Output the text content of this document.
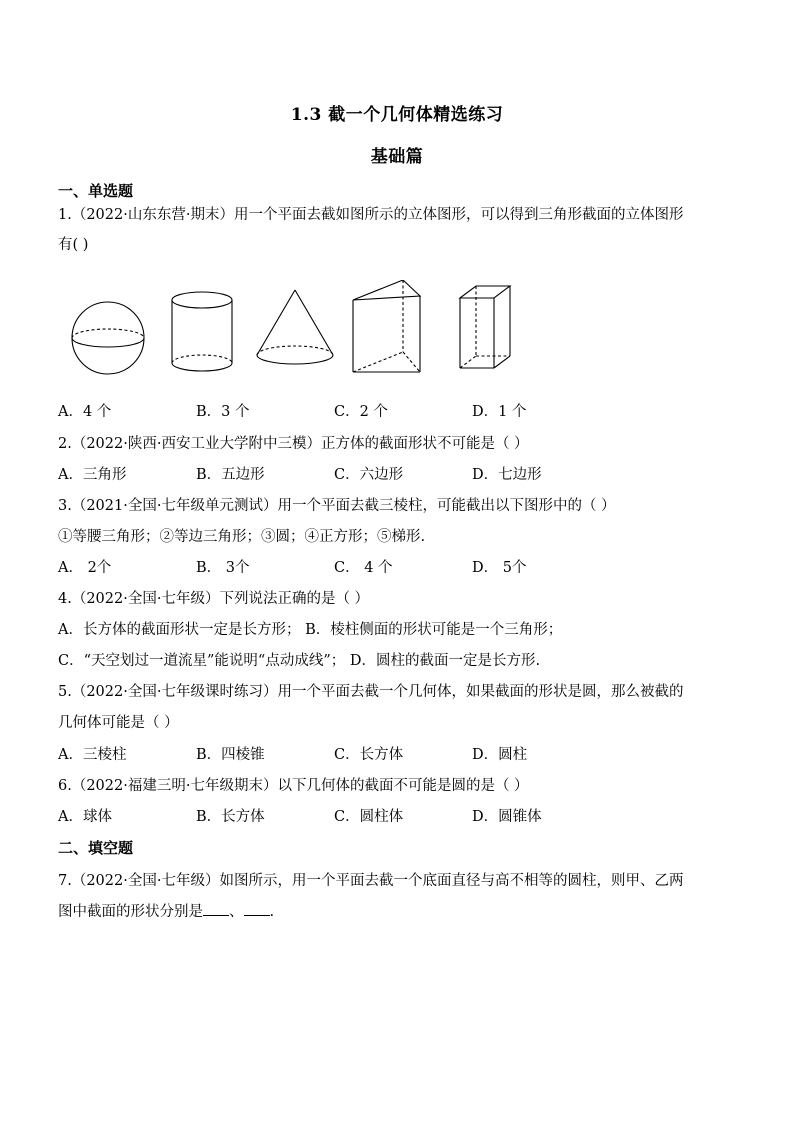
1.3 截一个几何体精选练习
基础篇
一、单选题
1.（2022·山东东营·期末）用一个平面去截如图所示的立体图形，可以得到三角形截面的立体图形
有( )
A．4 个	B．3 个	C．2 个	D．1 个
2.（2022·陕西·西安工业大学附中三模）正方体的截面形状不可能是（ ）
A．三角形	B．五边形	C．六边形	D．七边形
3.（2021·全国·七年级单元测试）用一个平面去截三棱柱，可能截出以下图形中的（ ）
①等腰三角形；②等边三角形；③圆；④正方形；⑤梯形.
A． 2个	B． 3个	C． 4 个	D． 5个
4.（2022·全国·七年级）下列说法正确的是（ ）
A．长方体的截面形状一定是长方形； B．棱柱侧面的形状可能是一个三角形；
C．“天空划过一道流星”能说明“点动成线”； D．圆柱的截面一定是长方形.
5.（2022·全国·七年级课时练习）用一个平面去截一个几何体，如果截面的形状是圆，那么被截的
几何体可能是（ ）
A．三棱柱	B．四棱锥	C．长方体	D．圆柱
6.（2022·福建三明·七年级期末）以下几何体的截面不可能是圆的是（ ）
A．球体	B．长方体	C．圆柱体	D．圆锥体
二、填空题
7.（2022·全国·七年级）如图所示，用一个平面去截一个底面直径与高不相等的圆柱，则甲、乙两
图中截面的形状分别是 、 .
